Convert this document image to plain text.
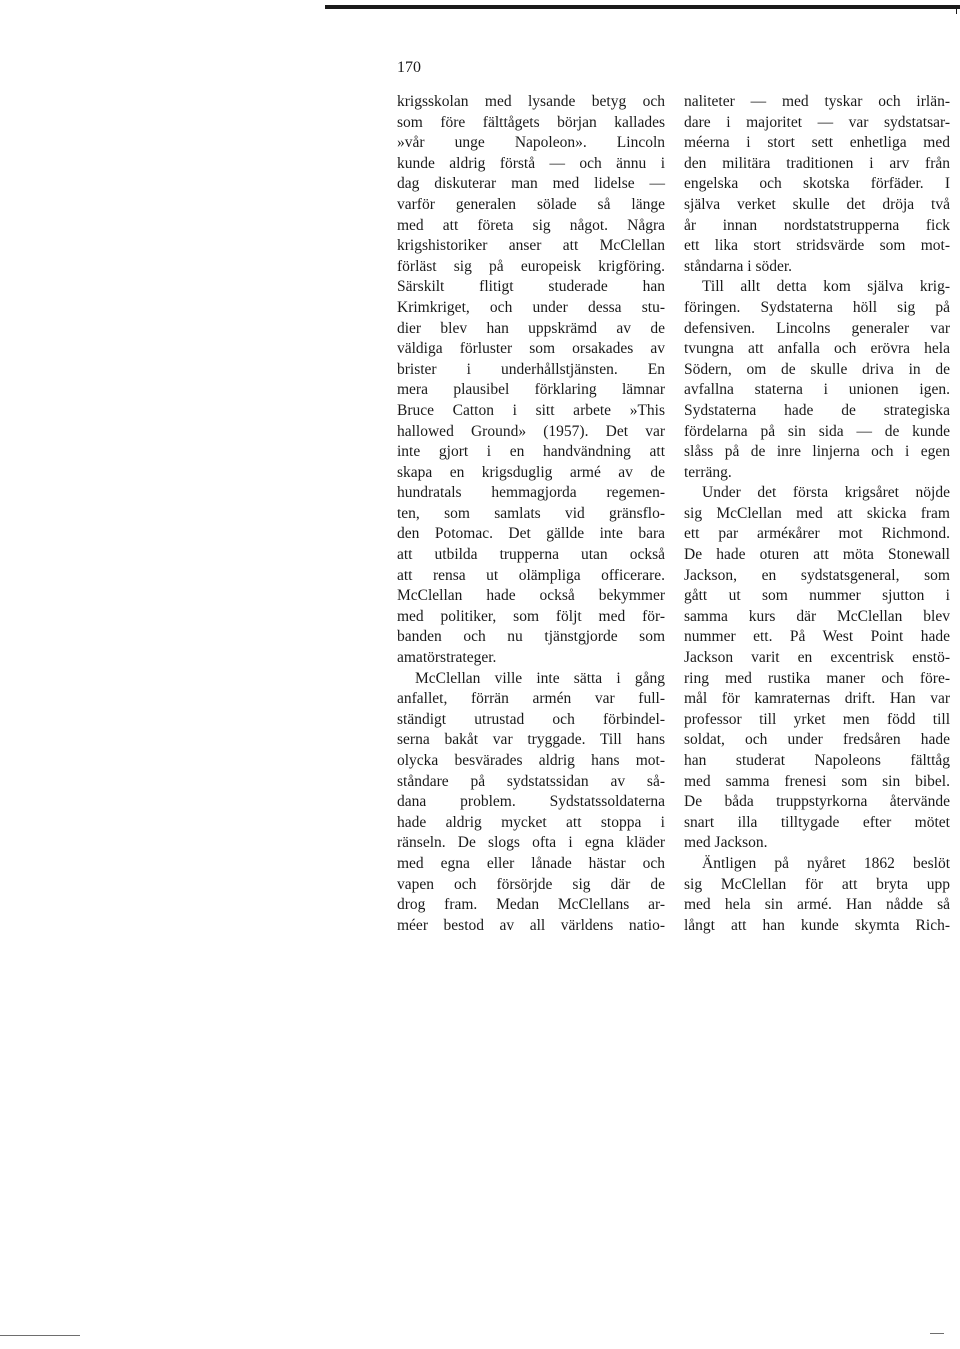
170
krigsskolan med lysande betyg och
som före fälttågets början kallades
»vår unge Napoleon». Lincoln
kunde aldrig förstå — och ännu i
dag diskuterar man med lidelse —
varför generalen sölade så länge
med att företa sig något. Några
krigshistoriker anser att McClellan
förläst sig på europeisk krigföring.
Särskilt flitigt studerade han
Krimkriget, och under dessa stu-
dier blev han uppskrämd av de
väldiga förluster som orsakades av
brister i underhållstjänsten. En
mera plausibel förklaring lämnar
Bruce Catton i sitt arbete »This
hallowed Ground» (1957). Det var
inte gjort i en handvändning att
skapa en krigsduglig armé av de
hundratals hemmagjorda regemen-
ten, som samlats vid gränsflo-
den Potomac. Det gällde inte bara
att utbilda trupperna utan också
att rensa ut olämpliga officerare.
McClellan hade också bekymmer
med politiker, som följt med för-
banden och nu tjänstgjorde som
amatörstrateger.
McClellan ville inte sätta i gång
anfallet, förrän armén var full-
ständigt utrustad och förbindel-
serna bakåt var tryggade. Till hans
olycka besvärades aldrig hans mot-
ståndare på sydstatssidan av så-
dana problem. Sydstatssoldaterna
hade aldrig mycket att stoppa i
ränseln. De slogs ofta i egna kläder
med egna eller lånade hästar och
vapen och försörjde sig där de
drog fram. Medan McClellans ar-
méer bestod av all världens natio-
naliteter — med tyskar och irlän-
dare i majoritet — var sydstatsar-
méerna i stort sett enhetliga med
den militära traditionen i arv från
engelska och skotska förfäder. I
själva verket skulle det dröja två
år innan nordstatstrupperna fick
ett lika stort stridsvärde som mot-
ståndarna i söder.
Till allt detta kom själva krig-
föringen. Sydstaterna höll sig på
defensiven. Lincolns generaler var
tvungna att anfalla och erövra hela
Södern, om de skulle driva in de
avfallna staterna i unionen igen.
Sydstaterna hade de strategiska
fördelarna på sin sida — de kunde
slåss på de inre linjerna och i egen
terräng.
Under det första krigsåret nöjde
sig McClellan med att skicka fram
ett par arméкårer mot Richmond.
De hade oturen att möta Stonewall
Jackson, en sydstatsgeneral, som
gått ut som nummer sjutton i
samma kurs där McClellan blev
nummer ett. På West Point hade
Jackson varit en excentrisk enstö-
ring med rustika maner och före-
mål för kamraternas drift. Han var
professor till yrket men född till
soldat, och under fredsåren hade
han studerat Napoleons fälttåg
med samma frenesi som sin bibel.
De båda truppstyrkorna återvände
snart illa tilltygade efter mötet
med Jackson.
Äntligen på nyåret 1862 beslöt
sig McClellan för att bryta upp
med hela sin armé. Han nådde så
långt att han kunde skymta Rich-
